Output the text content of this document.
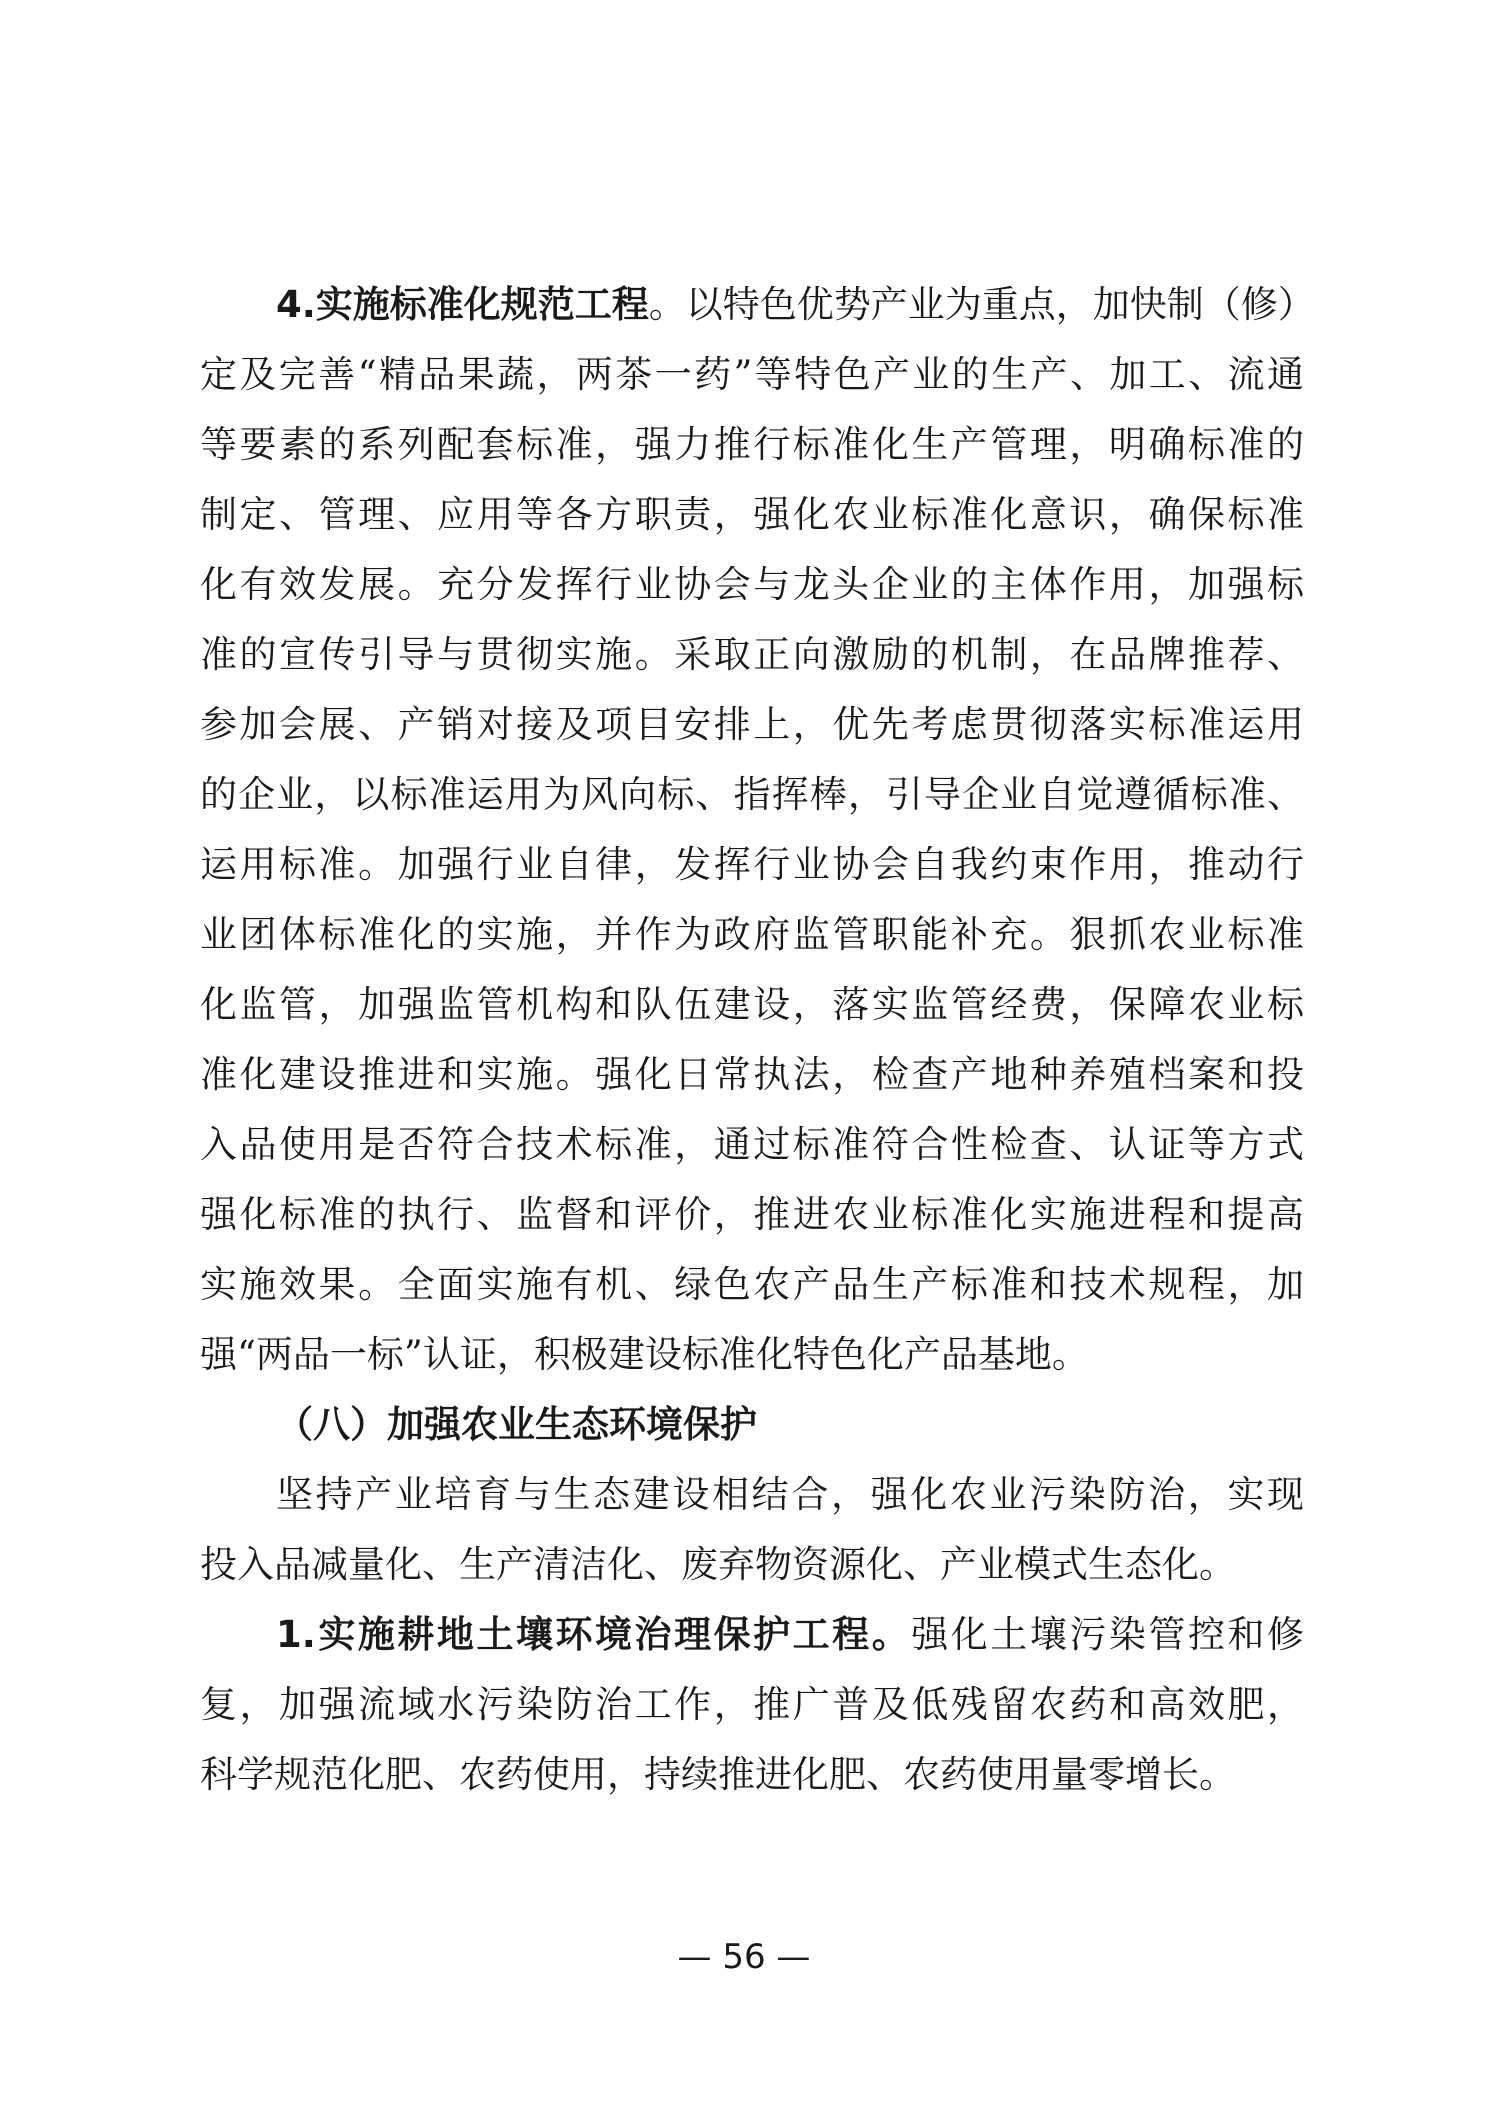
4.实施标准化规范工程。以特色优势产业为重点，加快制（修）
定及完善“精品果蔬，两茶一药”等特色产业的生产、加工、流通
等要素的系列配套标准，强力推行标准化生产管理，明确标准的
制定、管理、应用等各方职责，强化农业标准化意识，确保标准
化有效发展。充分发挥行业协会与龙头企业的主体作用，加强标
准的宣传引导与贯彻实施。采取正向激励的机制，在品牌推荐、
参加会展、产销对接及项目安排上，优先考虑贯彻落实标准运用
的企业，以标准运用为风向标、指挥棒，引导企业自觉遵循标准、
运用标准。加强行业自律，发挥行业协会自我约束作用，推动行
业团体标准化的实施，并作为政府监管职能补充。狠抓农业标准
化监管，加强监管机构和队伍建设，落实监管经费，保障农业标
准化建设推进和实施。强化日常执法，检查产地种养殖档案和投
入品使用是否符合技术标准，通过标准符合性检查、认证等方式
强化标准的执行、监督和评价，推进农业标准化实施进程和提高
实施效果。全面实施有机、绿色农产品生产标准和技术规程，加
强“两品一标”认证，积极建设标准化特色化产品基地。
（八）加强农业生态环境保护
坚持产业培育与生态建设相结合，强化农业污染防治，实现
投入品减量化、生产清洁化、废弃物资源化、产业模式生态化。
1.实施耕地土壤环境治理保护工程。强化土壤污染管控和修
复，加强流域水污染防治工作，推广普及低残留农药和高效肥，
科学规范化肥、农药使用，持续推进化肥、农药使用量零增长。
— 56 —
